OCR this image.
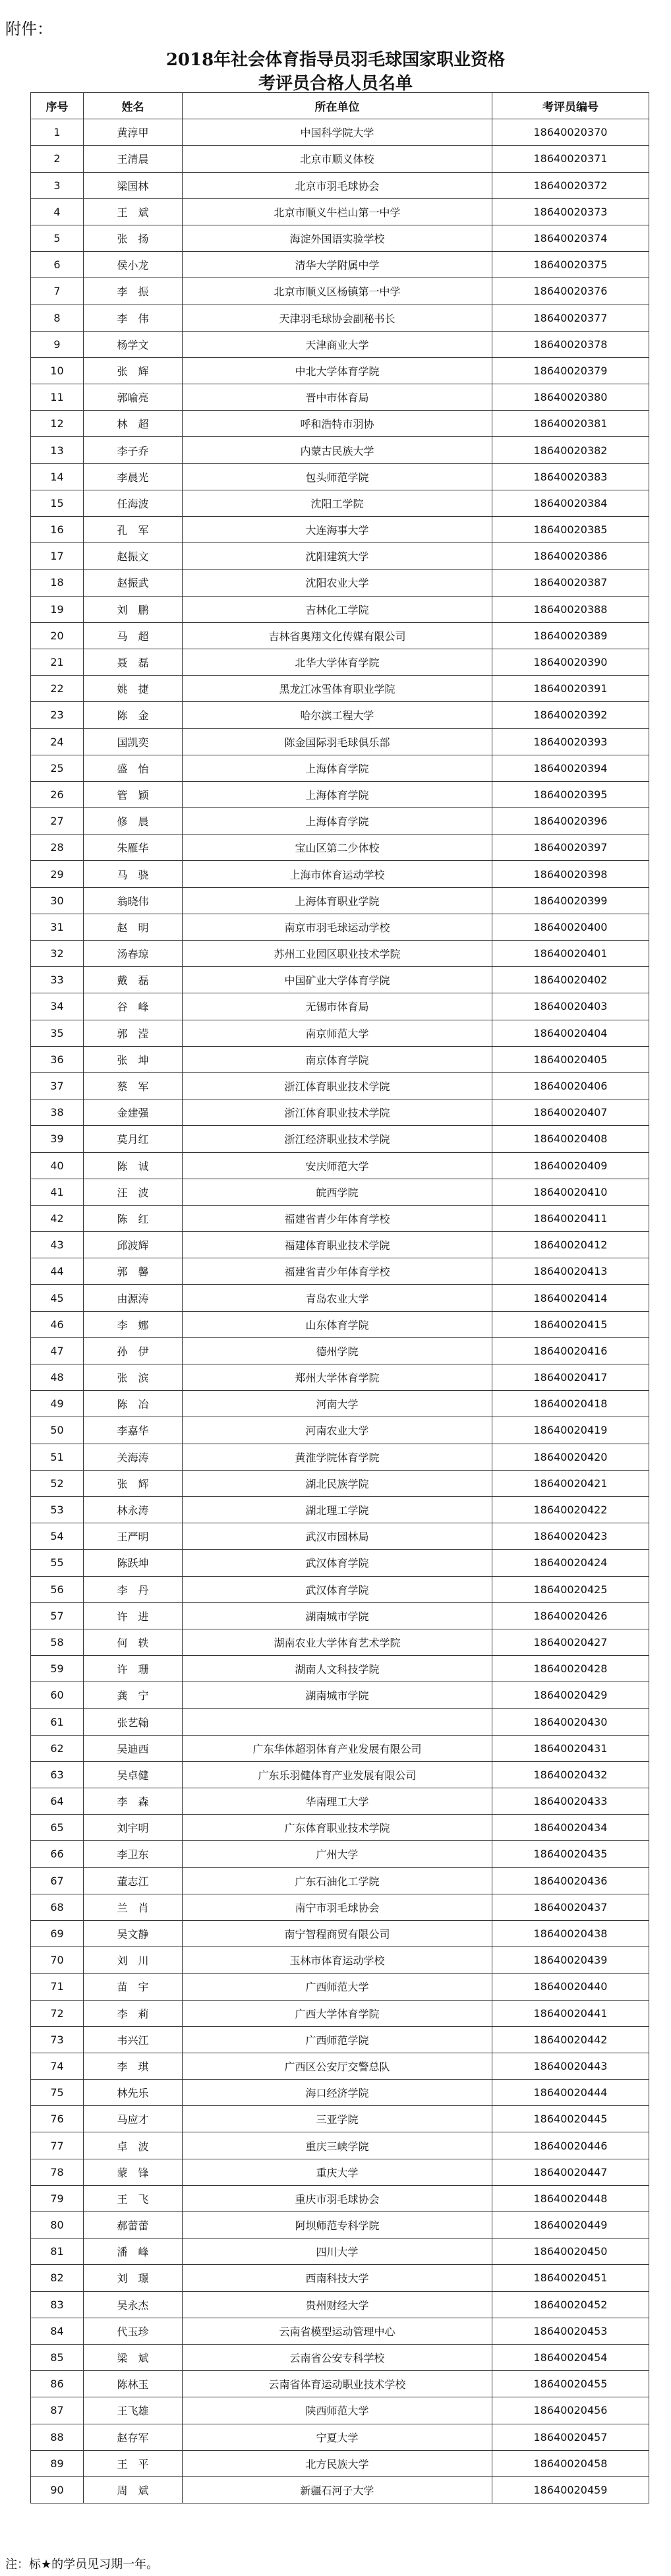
附件：
2018年社会体育指导员羽毛球国家职业资格
考评员合格人员名单
序号	姓名	所在单位	考评员编号
1	黄淳甲	中国科学院大学	18640020370
2	王清晨	北京市顺义体校	18640020371
3	梁国林	北京市羽毛球协会	18640020372
4	王　斌	北京市顺义牛栏山第一中学	18640020373
5	张　扬	海淀外国语实验学校	18640020374
6	侯小龙	清华大学附属中学	18640020375
7	李　振	北京市顺义区杨镇第一中学	18640020376
8	李　伟	天津羽毛球协会副秘书长	18640020377
9	杨学文	天津商业大学	18640020378
10	张　辉	中北大学体育学院	18640020379
11	郭喻亮	晋中市体育局	18640020380
12	林　超	呼和浩特市羽协	18640020381
13	李子乔	内蒙古民族大学	18640020382
14	李晨光	包头师范学院	18640020383
15	任海波	沈阳工学院	18640020384
16	孔　军	大连海事大学	18640020385
17	赵振文	沈阳建筑大学	18640020386
18	赵振武	沈阳农业大学	18640020387
19	刘　鹏	吉林化工学院	18640020388
20	马　超	吉林省奥翔文化传媒有限公司	18640020389
21	聂　磊	北华大学体育学院	18640020390
22	姚　捷	黑龙江冰雪体育职业学院	18640020391
23	陈　金	哈尔滨工程大学	18640020392
24	国凯奕	陈金国际羽毛球俱乐部	18640020393
25	盛　怡	上海体育学院	18640020394
26	管　颖	上海体育学院	18640020395
27	修　晨	上海体育学院	18640020396
28	朱雁华	宝山区第二少体校	18640020397
29	马　骁	上海市体育运动学校	18640020398
30	翁晓伟	上海体育职业学院	18640020399
31	赵　明	南京市羽毛球运动学校	18640020400
32	汤春琼	苏州工业园区职业技术学院	18640020401
33	戴　磊	中国矿业大学体育学院	18640020402
34	谷　峰	无锡市体育局	18640020403
35	郭　滢	南京师范大学	18640020404
36	张　坤	南京体育学院	18640020405
37	蔡　军	浙江体育职业技术学院	18640020406
38	金建强	浙江体育职业技术学院	18640020407
39	莫月红	浙江经济职业技术学院	18640020408
40	陈　诚	安庆师范大学	18640020409
41	汪　波	皖西学院	18640020410
42	陈　红	福建省青少年体育学校	18640020411
43	邱波辉	福建体育职业技术学院	18640020412
44	郭　馨	福建省青少年体育学校	18640020413
45	由源涛	青岛农业大学	18640020414
46	李　娜	山东体育学院	18640020415
47	孙　伊	德州学院	18640020416
48	张　滨	郑州大学体育学院	18640020417
49	陈　冶	河南大学	18640020418
50	李嘉华	河南农业大学	18640020419
51	关海涛	黄淮学院体育学院	18640020420
52	张　辉	湖北民族学院	18640020421
53	林永涛	湖北理工学院	18640020422
54	王严明	武汉市园林局	18640020423
55	陈跃坤	武汉体育学院	18640020424
56	李　丹	武汉体育学院	18640020425
57	许　进	湖南城市学院	18640020426
58	何　轶	湖南农业大学体育艺术学院	18640020427
59	许　珊	湖南人文科技学院	18640020428
60	龚　宁	湖南城市学院	18640020429
61	张艺翰		18640020430
62	吴迪西	广东华体超羽体育产业发展有限公司	18640020431
63	吴卓健	广东乐羽健体育产业发展有限公司	18640020432
64	李　森	华南理工大学	18640020433
65	刘宇明	广东体育职业技术学院	18640020434
66	李卫东	广州大学	18640020435
67	董志江	广东石油化工学院	18640020436
68	兰　肖	南宁市羽毛球协会	18640020437
69	吴文静	南宁智程商贸有限公司	18640020438
70	刘　川	玉林市体育运动学校	18640020439
71	苗　宇	广西师范大学	18640020440
72	李　莉	广西大学体育学院	18640020441
73	韦兴江	广西师范学院	18640020442
74	李　琪	广西区公安厅交警总队	18640020443
75	林先乐	海口经济学院	18640020444
76	马应才	三亚学院	18640020445
77	卓　波	重庆三峡学院	18640020446
78	蒙　锋	重庆大学	18640020447
79	王　飞	重庆市羽毛球协会	18640020448
80	郝蕾蕾	阿坝师范专科学院	18640020449
81	潘　峰	四川大学	18640020450
82	刘　璟	西南科技大学	18640020451
83	吴永杰	贵州财经大学	18640020452
84	代玉珍	云南省模型运动管理中心	18640020453
85	梁　斌	云南省公安专科学校	18640020454
86	陈林玉	云南省体育运动职业技术学校	18640020455
87	王飞雄	陕西师范大学	18640020456
88	赵存军	宁夏大学	18640020457
89	王　平	北方民族大学	18640020458
90	周　斌	新疆石河子大学	18640020459
注：标★的学员见习期一年。
